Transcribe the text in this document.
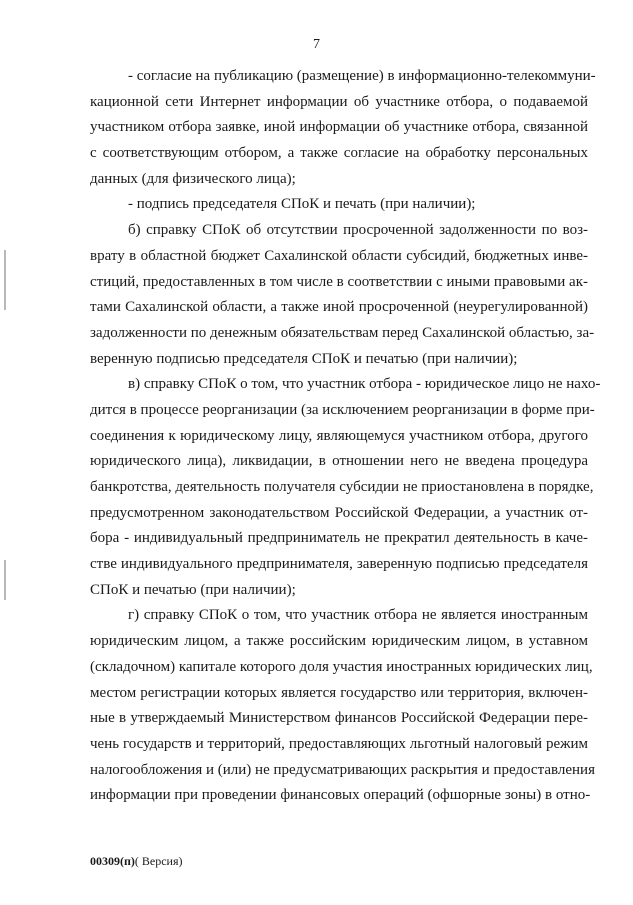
7
- согласие на публикацию (размещение) в информационно-телекоммуни-
кационной сети Интернет информации об участнике отбора, о подаваемой
участником отбора заявке, иной информации об участнике отбора, связанной
с соответствующим отбором, а также согласие на обработку персональных
данных (для физического лица);
- подпись председателя СПоК и печать (при наличии);
б) справку СПоК об отсутствии просроченной задолженности по воз-
врату в областной бюджет Сахалинской области субсидий, бюджетных инве-
стиций, предоставленных в том числе в соответствии с иными правовыми ак-
тами Сахалинской области, а также иной просроченной (неурегулированной)
задолженности по денежным обязательствам перед Сахалинской областью, за-
веренную подписью председателя СПоК и печатью (при наличии);
в) справку СПоК о том, что участник отбора - юридическое лицо не нахо-
дится в процессе реорганизации (за исключением реорганизации в форме при-
соединения к юридическому лицу, являющемуся участником отбора, другого
юридического лица), ликвидации, в отношении него не введена процедура
банкротства, деятельность получателя субсидии не приостановлена в порядке,
предусмотренном законодательством Российской Федерации, а участник от-
бора - индивидуальный предприниматель не прекратил деятельность в каче-
стве индивидуального предпринимателя, заверенную подписью председателя
СПоК и печатью (при наличии);
г) справку СПоК о том, что участник отбора не является иностранным
юридическим лицом, а также российским юридическим лицом, в уставном
(складочном) капитале которого доля участия иностранных юридических лиц,
местом регистрации которых является государство или территория, включен-
ные в утверждаемый Министерством финансов Российской Федерации пере-
чень государств и территорий, предоставляющих льготный налоговый режим
налогообложения и (или) не предусматривающих раскрытия и предоставления
информации при проведении финансовых операций (офшорные зоны) в отно-
00309(п)( Версия)
